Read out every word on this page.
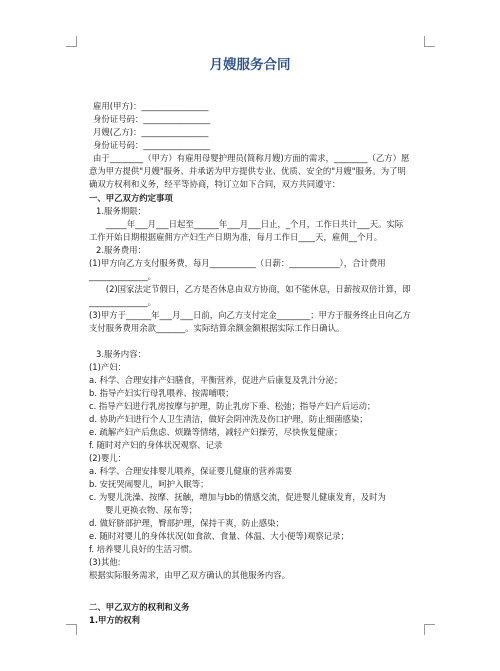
月嫂服务合同
雇用(甲方)：________________
身份证号码：________________
月嫂(乙方)：________________
身份证号码：________________
由于________（甲方）有雇用母婴护理员(简称月嫂)方面的需求，________（乙方）愿意为甲方提供"月嫂"服务、并承诺为甲方提供专业、优质、安全的"月嫂"服务。为了明确双方权利和义务，经平等协商，特订立如下合同，双方共同遵守：
一、甲乙双方约定事项
1.服务期限：
_____年___月___日起至______年___月___日止，_个月，工作日共计___天。实际工作开始日期根据雇佣方产妇生产日期为准，每月工作日____天，雇佣__个月。
2.服务费用：
(1)甲方向乙方支付服务费，每月___________（日薪：____________），合计费用______________。
(2)国家法定节假日，乙方是否休息由双方协商，如不能休息，日薪按双倍计算，即 ______________。
(3)甲方于______年___月___日前，向乙方支付定金________；甲方于服务终止日向乙方支付服务费用余款_______。实际结算余额金额根据实际工作日确认。
3.服务内容：
(1)产妇：
a. 科学、合理安排产妇膳食，平衡营养，促进产后康复及乳汁分泌；
b. 指导产妇实行母乳喂养、按需哺喂；
c. 指导产妇进行乳房按摩与护理，防止乳房下垂、松弛；指导产妇产后运动；
d. 协助产妇进行个人卫生清洁，做好会阴冲洗及伤口护理，防止细菌感染；
e. 疏解产妇产后焦虑、烦躁等情绪，减轻产妇操劳，尽快恢复健康；
f. 随时对产妇的身体状况观察、记录
(2)婴儿：
a. 科学、合理安排婴儿喂养，保证婴儿健康的营养需要
b. 安抚哭闹婴儿，呵护入眠等；
c. 为婴儿洗澡、按摩、抚触，增加与bb的情感交流，促进婴儿健康发育，及时为
婴儿更换衣物、尿布等；
d. 做好脐部护理，臀部护理，保持干爽，防止感染；
e. 随时对婴儿的身体状况(如食欲、食量、体温、大小便等)观察记录；
f. 培养婴儿良好的生活习惯。
(3)其他:
根据实际服务需求，由甲乙双方确认的其他服务内容。
二、甲乙双方的权利和义务
1.甲方的权利
